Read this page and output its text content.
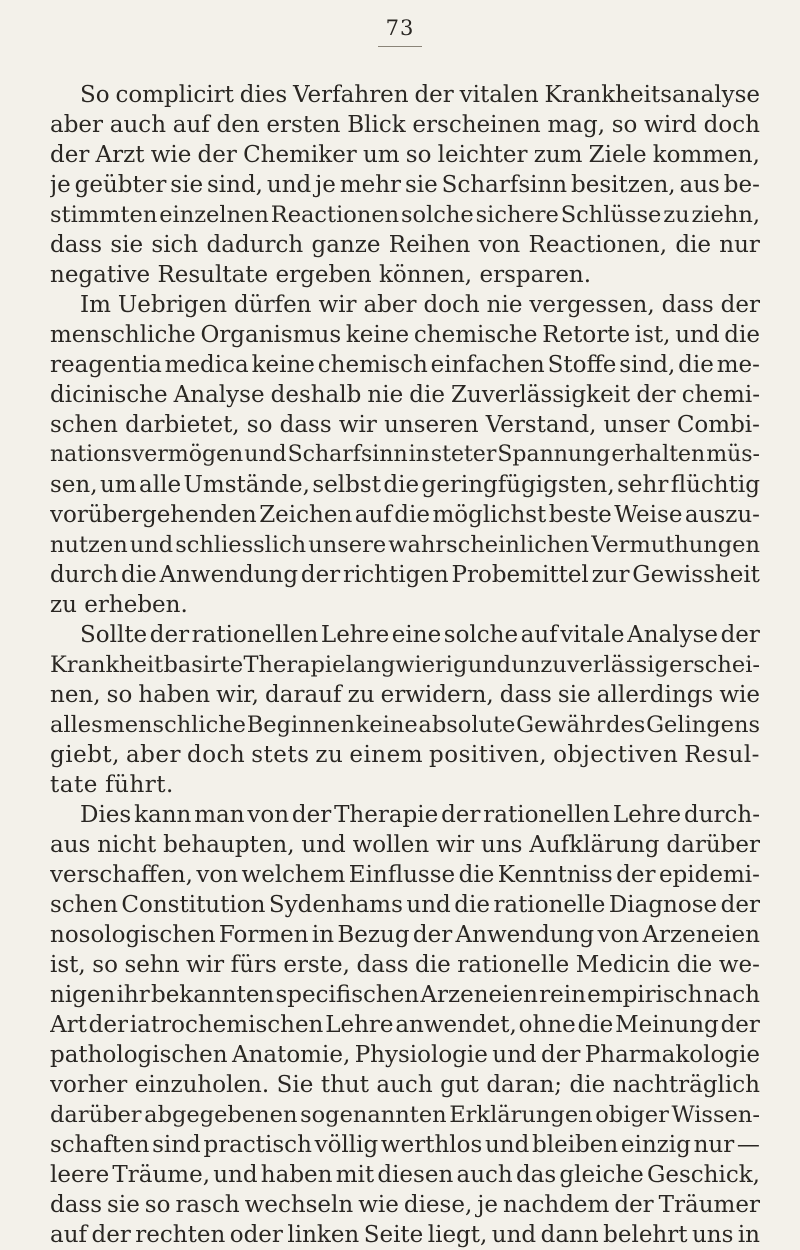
73
So complicirt dies Verfahren der vitalen Krankheitsanalyse
aber auch auf den ersten Blick erscheinen mag, so wird doch
der Arzt wie der Chemiker um so leichter zum Ziele kommen,
je geübter sie sind, und je mehr sie Scharfsinn besitzen, aus be-
stimmten einzelnen Reactionen solche sichere Schlüsse zu ziehn,
dass sie sich dadurch ganze Reihen von Reactionen, die nur
negative Resultate ergeben können, ersparen.
Im Uebrigen dürfen wir aber doch nie vergessen, dass der
menschliche Organismus keine chemische Retorte ist, und die
reagentia medica keine chemisch einfachen Stoffe sind, die me-
dicinische Analyse deshalb nie die Zuverlässigkeit der chemi-
schen darbietet, so dass wir unseren Verstand, unser Combi-
nationsvermögen und Scharfsinn in steter Spannung erhalten müs-
sen, um alle Umstände, selbst die geringfügigsten, sehr flüchtig
vorübergehenden Zeichen auf die möglichst beste Weise auszu-
nutzen und schliesslich unsere wahrscheinlichen Vermuthungen
durch die Anwendung der richtigen Probemittel zur Gewissheit
zu erheben.
Sollte der rationellen Lehre eine solche auf vitale Analyse der
Krankheit basirte Therapie langwierig und unzuverlässig erschei-
nen, so haben wir, darauf zu erwidern, dass sie allerdings wie
alles menschliche Beginnen keine absolute Gewähr des Gelingens
giebt, aber doch stets zu einem positiven, objectiven Resul-
tate führt.
Dies kann man von der Therapie der rationellen Lehre durch-
aus nicht behaupten, und wollen wir uns Aufklärung darüber
verschaffen, von welchem Einflusse die Kenntniss der epidemi-
schen Constitution Sydenhams und die rationelle Diagnose der
nosologischen Formen in Bezug der Anwendung von Arzeneien
ist, so sehn wir fürs erste, dass die rationelle Medicin die we-
nigen ihr bekannten specifischen Arzeneien rein empirisch nach
Art der iatrochemischen Lehre anwendet, ohne die Meinung der
pathologischen Anatomie, Physiologie und der Pharmakologie
vorher einzuholen. Sie thut auch gut daran; die nachträglich
darüber abgegebenen sogenannten Erklärungen obiger Wissen-
schaften sind practisch völlig werthlos und bleiben einzig nur —
leere Träume, und haben mit diesen auch das gleiche Geschick,
dass sie so rasch wechseln wie diese, je nachdem der Träumer
auf der rechten oder linken Seite liegt, und dann belehrt uns in
